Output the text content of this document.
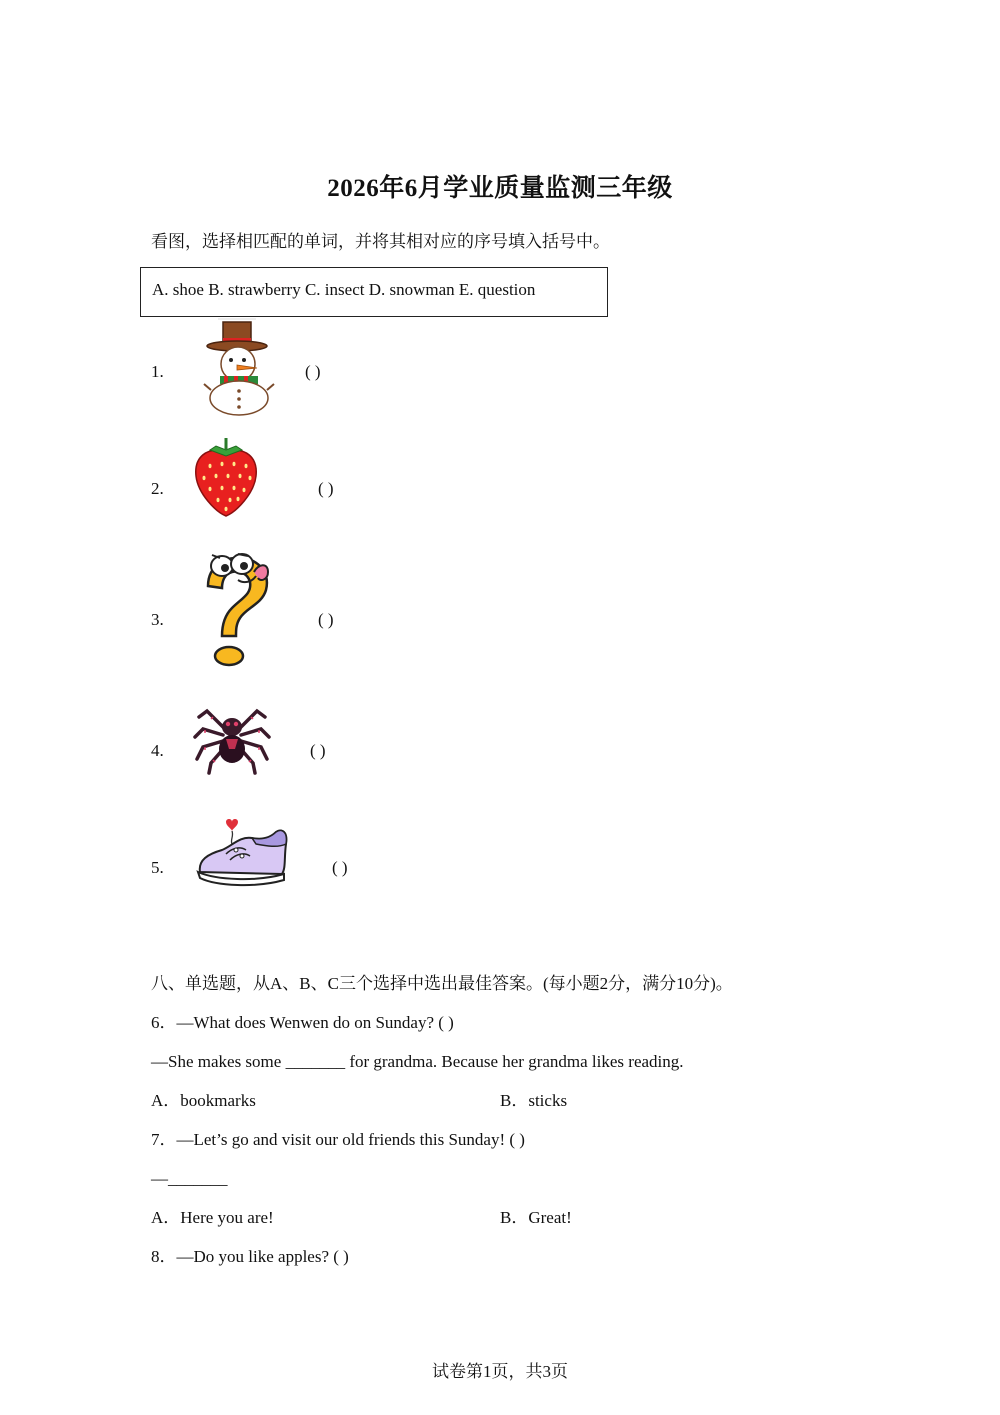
2026年6月学业质量监测三年级
看图，选择相匹配的单词，并将其相对应的序号填入括号中。
A. shoe B. strawberry C. insect D. snowman E. question
1.	( )
2.	( )
3.	( )
4.	( )
5.	( )
八、单选题，从A、B、C三个选择中选出最佳答案。(每小题2分，满分10分)。
6．—What does Wenwen do on Sunday? ( )
—She makes some _______ for grandma. Because her grandma likes reading.
A．bookmarks	B．sticks
7．—Let’s go and visit our old friends this Sunday! ( )
—_______
A．Here you are!	B．Great!
8．—Do you like apples? ( )
试卷第1页，共3页
